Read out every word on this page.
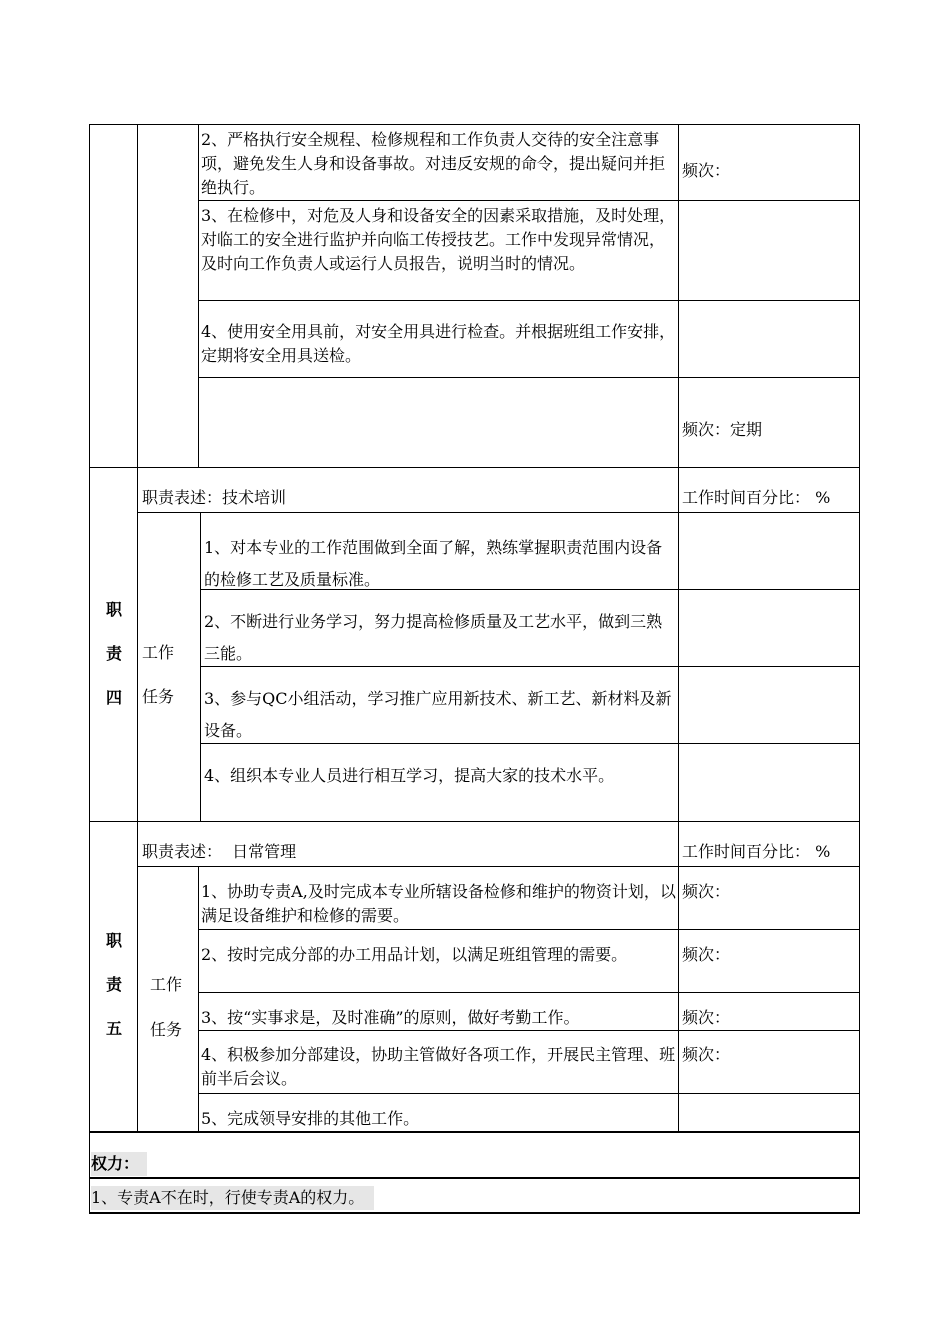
2、严格执行安全规程、检修规程和工作负责人交待的安全注意事项，避免发生人身和设备事故。对违反安规的命令，提出疑问并拒绝执行。
3、在检修中，对危及人身和设备安全的因素采取措施，及时处理，对临工的安全进行监护并向临工传授技艺。工作中发现异常情况，及时向工作负责人或运行人员报告，说明当时的情况。
4、使用安全用具前，对安全用具进行检查。并根据班组工作安排，定期将安全用具送检。
频次：
频次：定期
职
责
四
职责表述：技术培训	工作时间百分比： %
工作
任务
1、对本专业的工作范围做到全面了解，熟练掌握职责范围内设备的检修工艺及质量标准。
2、不断进行业务学习，努力提高检修质量及工艺水平，做到三熟三能。
3、参与QC小组活动，学习推广应用新技术、新工艺、新材料及新设备。
4、组织本专业人员进行相互学习，提高大家的技术水平。
职
责
五
职责表述：  日常管理	工作时间百分比： %
工作
任务
1、协助专责A,及时完成本专业所辖设备检修和维护的物资计划，以满足设备维护和检修的需要。
2、按时完成分部的办工用品计划，以满足班组管理的需要。
3、按“实事求是，及时准确”的原则，做好考勤工作。
4、积极参加分部建设，协助主管做好各项工作，开展民主管理、班前半后会议。
5、完成领导安排的其他工作。
频次：
频次：
频次：
频次：
权力：
1、专责A不在时，行使专责A的权力。
